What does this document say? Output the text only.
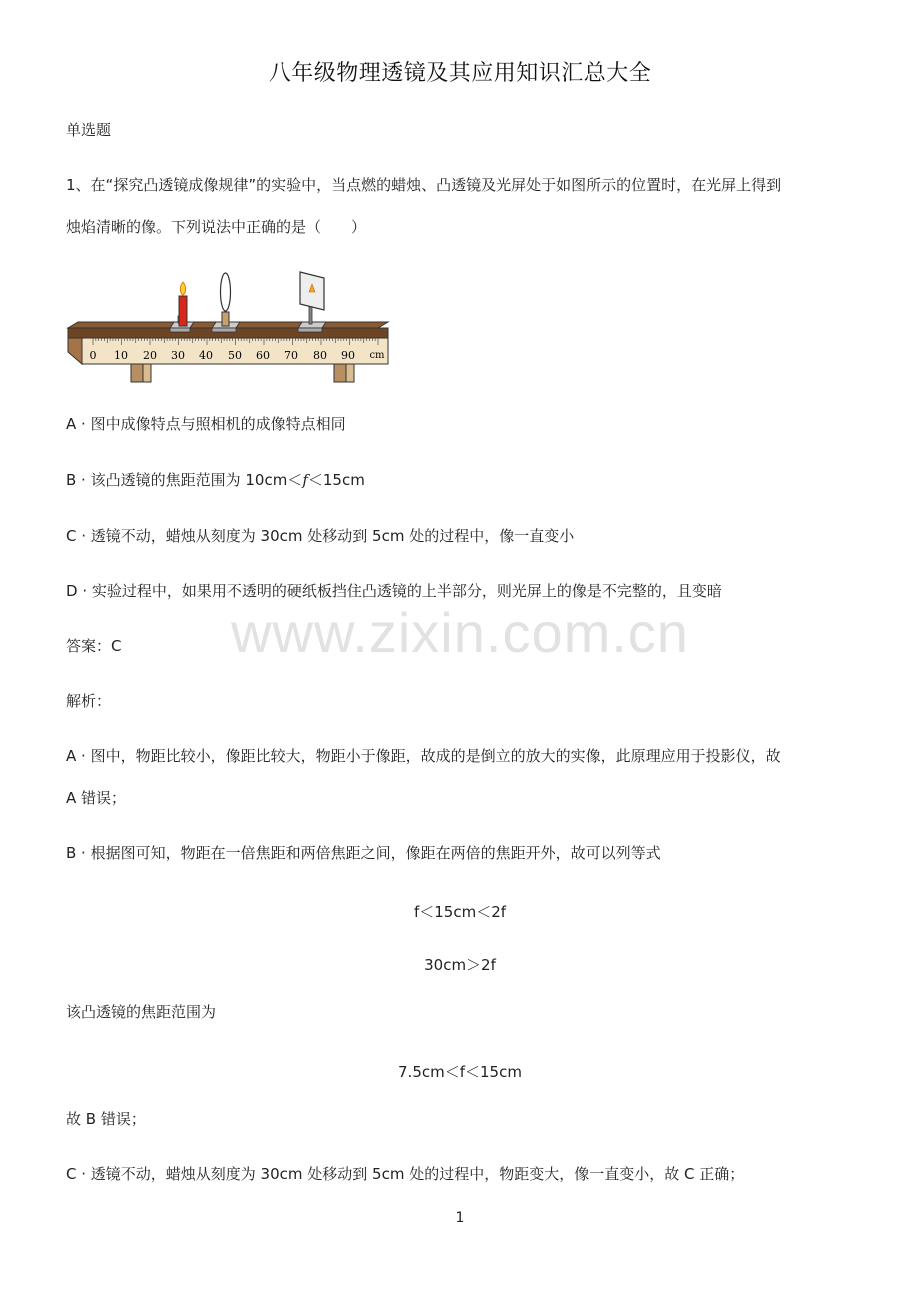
八年级物理透镜及其应用知识汇总大全
单选题
1、在“探究凸透镜成像规律”的实验中，当点燃的蜡烛、凸透镜及光屏处于如图所示的位置时，在光屏上得到
烛焰清晰的像。下列说法中正确的是（　　）
0 10 20 30 40 50 60 70 80 90 cm
A · 图中成像特点与照相机的成像特点相同
B · 该凸透镜的焦距范围为 10cm＜f＜15cm
C · 透镜不动，蜡烛从刻度为 30cm 处移动到 5cm 处的过程中，像一直变小
D · 实验过程中，如果用不透明的硬纸板挡住凸透镜的上半部分，则光屏上的像是不完整的，且变暗
www.zixin.com.cn
答案：C
解析：
A · 图中，物距比较小，像距比较大，物距小于像距，故成的是倒立的放大的实像，此原理应用于投影仪，故
A 错误；
B · 根据图可知，物距在一倍焦距和两倍焦距之间，像距在两倍的焦距开外，故可以列等式
f＜15cm＜2f
30cm＞2f
该凸透镜的焦距范围为
7.5cm＜f＜15cm
故 B 错误；
C · 透镜不动，蜡烛从刻度为 30cm 处移动到 5cm 处的过程中，物距变大，像一直变小，故 C 正确；
1
